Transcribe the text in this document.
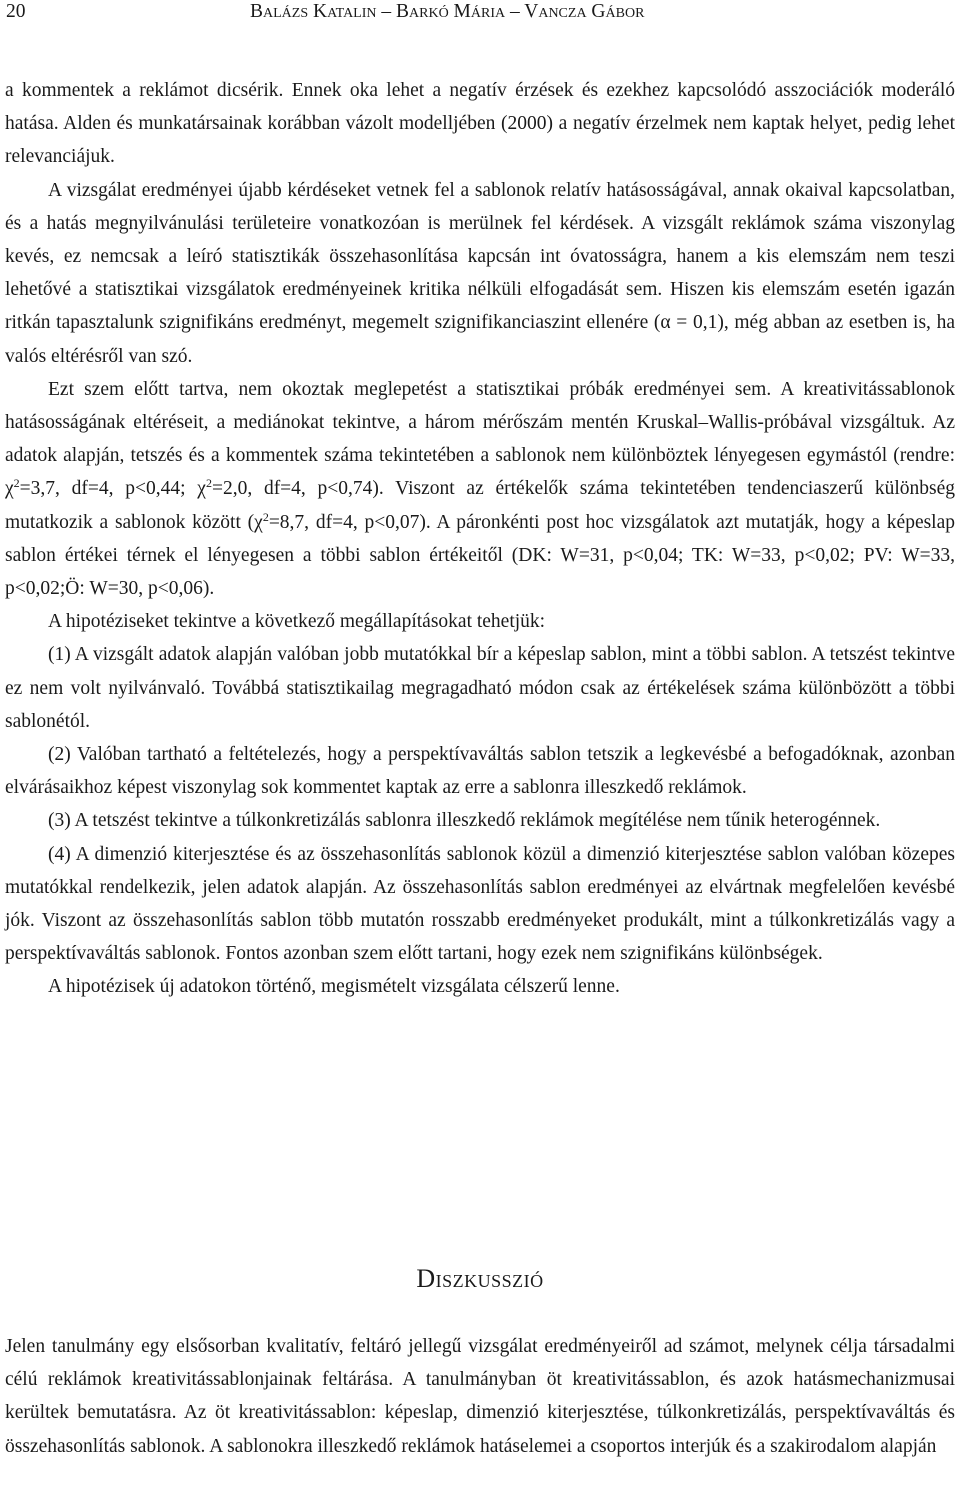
20	Balázs Katalin – Barkó Mária – Vancza Gábor

a kommentek a reklámot dicsérik. Ennek oka lehet a negatív érzések és ezekhez kapcsolódó asszociációk moderáló hatása. Alden és munkatársainak korábban vázolt modelljében (2000) a negatív érzelmek nem kaptak helyet, pedig lehet relevanciájuk.

A vizsgálat eredményei újabb kérdéseket vetnek fel a sablonok relatív hatásosságával, annak okaival kapcsolatban, és a hatás megnyilvánulási területeire vonatkozóan is merülnek fel kérdések. A vizsgált reklámok száma viszonylag kevés, ez nemcsak a leíró statisztikák összehasonlítása kapcsán int óvatosságra, hanem a kis elemszám nem teszi lehetővé a statisztikai vizsgálatok eredményeinek kritika nélküli elfogadását sem. Hiszen kis elemszám esetén igazán ritkán tapasztalunk szignifikáns eredményt, megemelt szignifikanciaszint ellenére (α = 0,1), még abban az esetben is, ha valós eltérésről van szó.

Ezt szem előtt tartva, nem okoztak meglepetést a statisztikai próbák eredményei sem. A kreativitássablonok hatásosságának eltéréseit, a mediánokat tekintve, a három mérőszám mentén Kruskal–Wallis-próbával vizsgáltuk. Az adatok alapján, tetszés és a kommentek száma tekintetében a sablonok nem különböztek lényegesen egymástól (rendre: $\chi^2=3,7$, df=4, p<0,44; $\chi^2=2,0$, df=4, p<0,74). Viszont az értékelők száma tekintetében tendenciaszerű különbség mutatkozik a sablonok között ($\chi^2=8,7$, df=4, p<0,07). A páronkénti post hoc vizsgálatok azt mutatják, hogy a képeslap sablon értékei térnek el lényegesen a többi sablon értékeitől (DK: W=31, p<0,04; TK: W=33, p<0,02; PV: W=33, p<0,02;Ö: W=30, p<0,06).

A hipotéziseket tekintve a következő megállapításokat tehetjük:

(1) A vizsgált adatok alapján valóban jobb mutatókkal bír a képeslap sablon, mint a többi sablon. A tetszést tekintve ez nem volt nyilvánvaló. Továbbá statisztikailag megragadható módon csak az értékelések száma különbözött a többi sablonétól.

(2) Valóban tartható a feltételezés, hogy a perspektívaváltás sablon tetszik a legkevésbé a befogadóknak, azonban elvárásaikhoz képest viszonylag sok kommentet kaptak az erre a sablonra illeszkedő reklámok.

(3) A tetszést tekintve a túlkonkretizálás sablonra illeszkedő reklámok megítélése nem tűnik heterogénnek.

(4) A dimenzió kiterjesztése és az összehasonlítás sablonok közül a dimenzió kiterjesztése sablon valóban közepes mutatókkal rendelkezik, jelen adatok alapján. Az összehasonlítás sablon eredményei az elvártnak megfelelően kevésbé jók. Viszont az összehasonlítás sablon több mutatón rosszabb eredményeket produkált, mint a túlkonkretizálás vagy a perspektívaváltás sablonok. Fontos azonban szem előtt tartani, hogy ezek nem szignifikáns különbségek.

A hipotézisek új adatokon történő, megismételt vizsgálata célszerű lenne.

Diszkusszió

Jelen tanulmány egy elsősorban kvalitatív, feltáró jellegű vizsgálat eredményeiről ad számot, melynek célja társadalmi célú reklámok kreativitássablonjainak feltárása. A tanulmányban öt kreativitássablon, és azok hatásmechanizmusai kerültek bemutatásra. Az öt kreativitássablon: képeslap, dimenzió kiterjesztése, túlkonkretizálás, perspektívaváltás és összehasonlítás sablonok. A sablonokra illeszkedő reklámok hatáselemei a csoportos interjúk és a szakirodalom alapján
